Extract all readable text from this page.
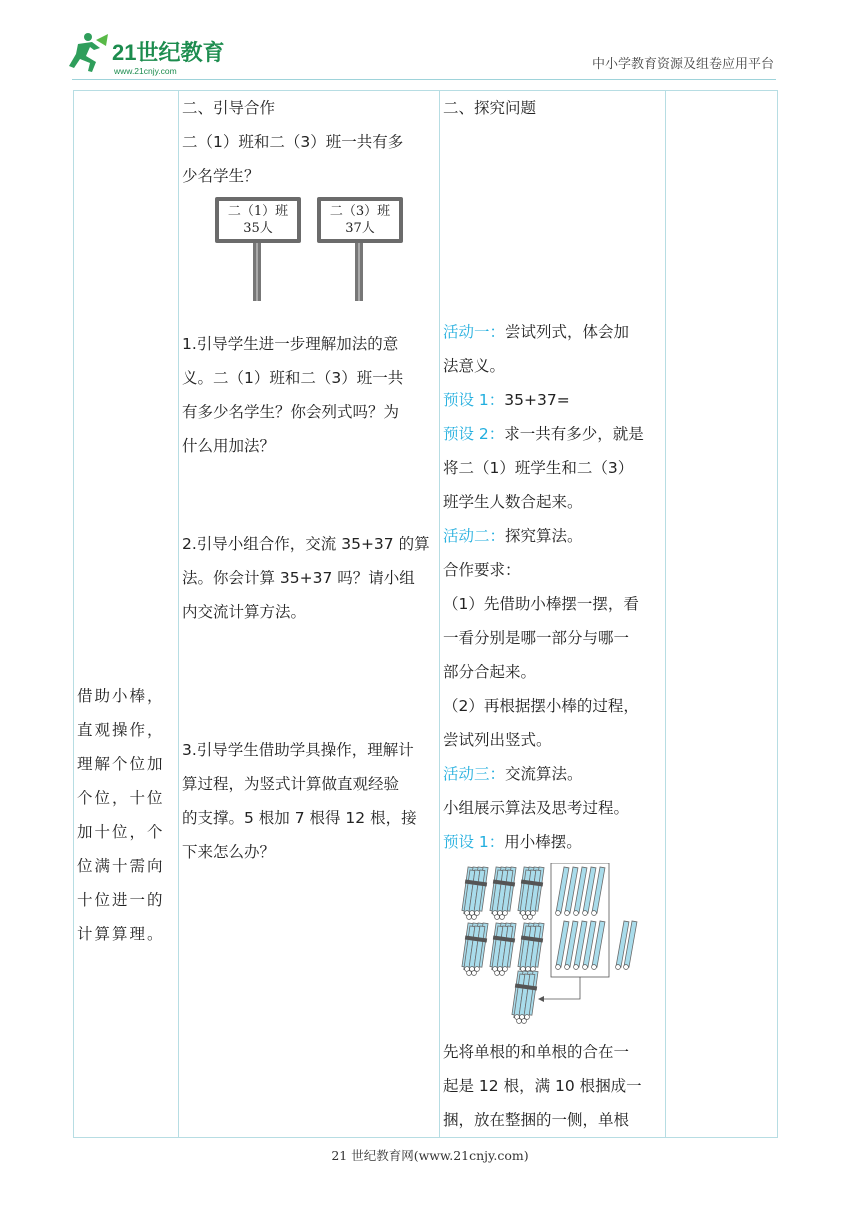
21世纪教育
www.21cnjy.com	中小学教育资源及组卷应用平台
借助小棒，直观操作，理解个位加个位，十位加十位，个位满十需向十位进一的计算算理。

二、引导合作
二（1）班和二（3）班一共有多
少名学生？
二（1）班
35人
二（3）班
37人
1.引导学生进一步理解加法的意
义。二（1）班和二（3）班一共
有多少名学生？你会列式吗？为
什么用加法？
2.引导小组合作，交流 35+37 的算
法。你会计算 35+37 吗？请小组
内交流计算方法。
3.引导学生借助学具操作，理解计
算过程，为竖式计算做直观经验
的支撑。5 根加 7 根得 12 根，接
下来怎么办？

二、探究问题
活动一：尝试列式，体会加
法意义。
预设 1：35+37=
预设 2：求一共有多少，就是
将二（1）班学生和二（3）
班学生人数合起来。
活动二：探究算法。
合作要求：
（1）先借助小棒摆一摆，看
一看分别是哪一部分与哪一
部分合起来。
（2）再根据摆小棒的过程，
尝试列出竖式。
活动三：交流算法。
小组展示算法及思考过程。
预设 1：用小棒摆。
先将单根的和单根的合在一
起是 12 根，满 10 根捆成一
捆，放在整捆的一侧，单根

21 世纪教育网(www.21cnjy.com)
